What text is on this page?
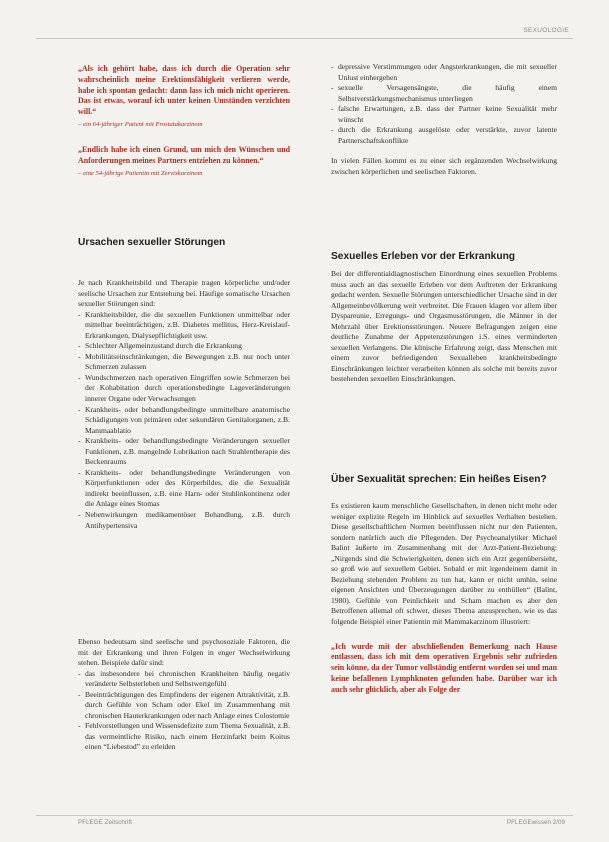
SEXUOLOGIE

„Als ich gehört habe, dass ich durch die Operation sehr wahrscheinlich meine Erektionsfähigkeit verlieren werde, habe ich spontan gedacht: dann lass ich mich nicht operieren. Das ist etwas, worauf ich unter keinen Umständen verzichten will.“

– ein 64-jähriger Patient mit Prostatakarzinom

„Endlich habe ich einen Grund, um mich den Wünschen und Anforderungen meines Partners entziehen zu können.“

– eine 54-jährige Patientin mit Zervixkarzinom

Ursachen sexueller Störungen

Je nach Krankheitsbild und Therapie tragen körperliche und/oder seelische Ursachen zur Entstehung bei. Häufige somatische Ursachen sexueller Störungen sind:

- Krankheitsbilder, die die sexuellen Funktionen unmittelbar oder mittelbar beeinträchtigen, z.B. Diabetes mellitus, Herz-Kreislauf-Erkrankungen, Dialysepflichtigkeit usw.
- Schlechter Allgemeinzustand durch die Erkrankung
- Mobilitätseinschränkungen, die Bewegungen z.B. nur noch unter Schmerzen zulassen
- Wundschmerzen nach operativen Eingriffen sowie Schmerzen bei der Kohabitation durch operationsbedingte Lageveränderungen innerer Organe oder Verwachsungen
- Krankheits- oder behandlungsbedingte unmittelbare anatomische Schädigungen von primären oder sekundären Genitalorganen, z.B. Mammaablatio
- Krankheits- oder behandlungsbedingte Veränderungen sexueller Funktionen, z.B. mangelnde Lubrikation nach Strahlentherapie des Beckenraums
- Krankheits- oder behandlungsbedingte Veränderungen von Körperfunktionen oder des Körperbildes, die die Sexualität indirekt beeinflussen, z.B. eine Harn- oder Stuhlinkontinenz oder die Anlage eines Stomas
- Nebenwirkungen medikamentöser Behandlung, z.B. durch Antihypertensiva

Ebenso bedeutsam sind seelische und psychosoziale Faktoren, die mit der Erkrankung und ihren Folgen in enger Wechselwirkung stehen. Beispiele dafür sind:

- das insbesondere bei chronischen Krankheiten häufig negativ veränderte Selbsterleben und Selbstwertgefühl
- Beeinträchtigungen des Empfindens der eigenen Attraktivität, z.B. durch Gefühle von Scham oder Ekel im Zusammenhang mit chronischen Hauterkrankungen oder nach Anlage eines Colostomie
- Fehlvorstellungen und Wissensdefizite zum Thema Sexualität, z.B. das vermeintliche Risiko, nach einem Herzinfarkt beim Koitus einen “Liebestod” zu erleiden
- depressive Verstimmungen oder Angsterkrankungen, die mit sexueller Unlust einhergehen
- sexuelle Versagensängste, die häufig einem Selbstverstärkungsmechanismus unterliegen
- falsche Erwartungen, z.B. dass der Partner keine Sexualität mehr wünscht
- durch die Erkrankung ausgelöste oder verstärkte, zuvor latente Partnerschaftskonflikte

In vielen Fällen kommt es zu einer sich ergänzenden Wechselwirkung zwischen körperlichen und seelischen Faktoren.

Sexuelles Erleben vor der Erkrankung

Bei der differentialdiagnostischen Einordnung eines sexuellen Problems muss auch an das sexuelle Erleben vor dem Auftreten der Erkrankung gedacht werden. Sexuelle Störungen unterschiedlicher Ursache sind in der Allgemeinbevölkerung weit verbreitet. Die Frauen klagen vor allem über Dyspareunie, Erregungs- und Orgasmusstörungen, die Männer in der Mehrzahl über Erektionsstörungen. Neuere Befragungen zeigen eine deutliche Zunahme der Appetenzstörungen i.S. eines verminderten sexuellen Verlangens. Die klinische Erfahrung zeigt, dass Menschen mit einem zuvor befriedigenden Sexualleben krankheitsbedingte Einschränkungen leichter verarbeiten können als solche mit bereits zuvor bestehenden sexuellen Einschränkungen.

Über Sexualität sprechen: Ein heißes Eisen?

Es existieren kaum menschliche Gesellschaften, in denen nicht mehr oder weniger explizite Regeln im Hinblick auf sexuelles Verhalten bestehen. Diese gesellschaftlichen Normen beeinflussen nicht nur den Patienten, sondern natürlich auch die Pflegenden. Der Psychoanalytiker Michael Balint äußerte im Zusammenhang mit der Arzt-Patient-Beziehung: „Nirgends sind die Schwierigkeiten, denen sich ein Arzt gegenübersieht, so groß wie auf sexuellem Gebiet. Sobald er mit irgendeinem damit in Beziehung stehenden Problem zu tun hat, kann er nicht umhin, seine eigenen Ansichten und Überzeugungen darüber zu enthüllen“ (Balint, 1980). Gefühle von Peinlichkeit und Scham machen es aber den Betroffenen allemal oft schwer, dieses Thema anzusprechen, wie es das folgende Beispiel einer Patientin mit Mammakarzinom illustriert:

„Ich wurde mit der abschließenden Bemerkung nach Hause entlassen, dass ich mit dem operativen Ergebnis sehr zufrieden sein könne, da der Tumor vollständig entfernt worden sei und man keine befallenen Lymphknoten gefunden habe. Darüber war ich auch sehr glücklich, aber als Folge der

PFLEGE Zeitschrift	PFLEGEwissen 2/09
